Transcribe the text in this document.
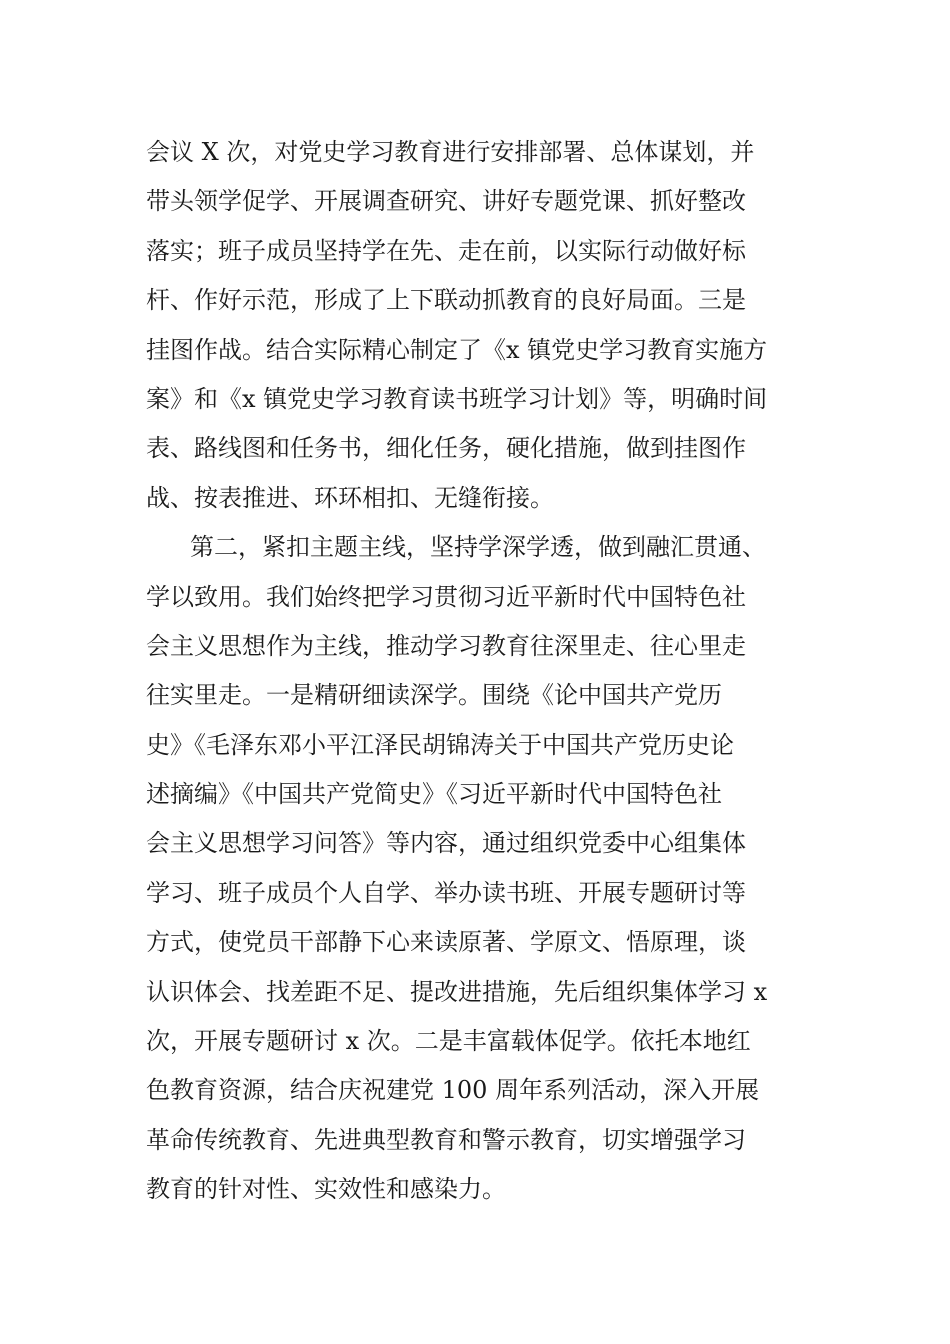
会议 X 次，对党史学习教育进行安排部署、总体谋划，并
带头领学促学、开展调查研究、讲好专题党课、抓好整改
落实；班子成员坚持学在先、走在前，以实际行动做好标
杆、作好示范，形成了上下联动抓教育的良好局面。三是
挂图作战。结合实际精心制定了《x 镇党史学习教育实施方
案》和《x 镇党史学习教育读书班学习计划》等，明确时间
表、路线图和任务书，细化任务，硬化措施，做到挂图作
战、按表推进、环环相扣、无缝衔接。
第二，紧扣主题主线，坚持学深学透，做到融汇贯通、
学以致用。我们始终把学习贯彻习近平新时代中国特色社
会主义思想作为主线，推动学习教育往深里走、往心里走
往实里走。一是精研细读深学。围绕《论中国共产党历
史》《毛泽东邓小平江泽民胡锦涛关于中国共产党历史论
述摘编》《中国共产党简史》《习近平新时代中国特色社
会主义思想学习问答》等内容，通过组织党委中心组集体
学习、班子成员个人自学、举办读书班、开展专题研讨等
方式，使党员干部静下心来读原著、学原文、悟原理，谈
认识体会、找差距不足、提改进措施，先后组织集体学习 x
次，开展专题研讨 x 次。二是丰富载体促学。依托本地红
色教育资源，结合庆祝建党 100 周年系列活动，深入开展
革命传统教育、先进典型教育和警示教育，切实增强学习
教育的针对性、实效性和感染力。
